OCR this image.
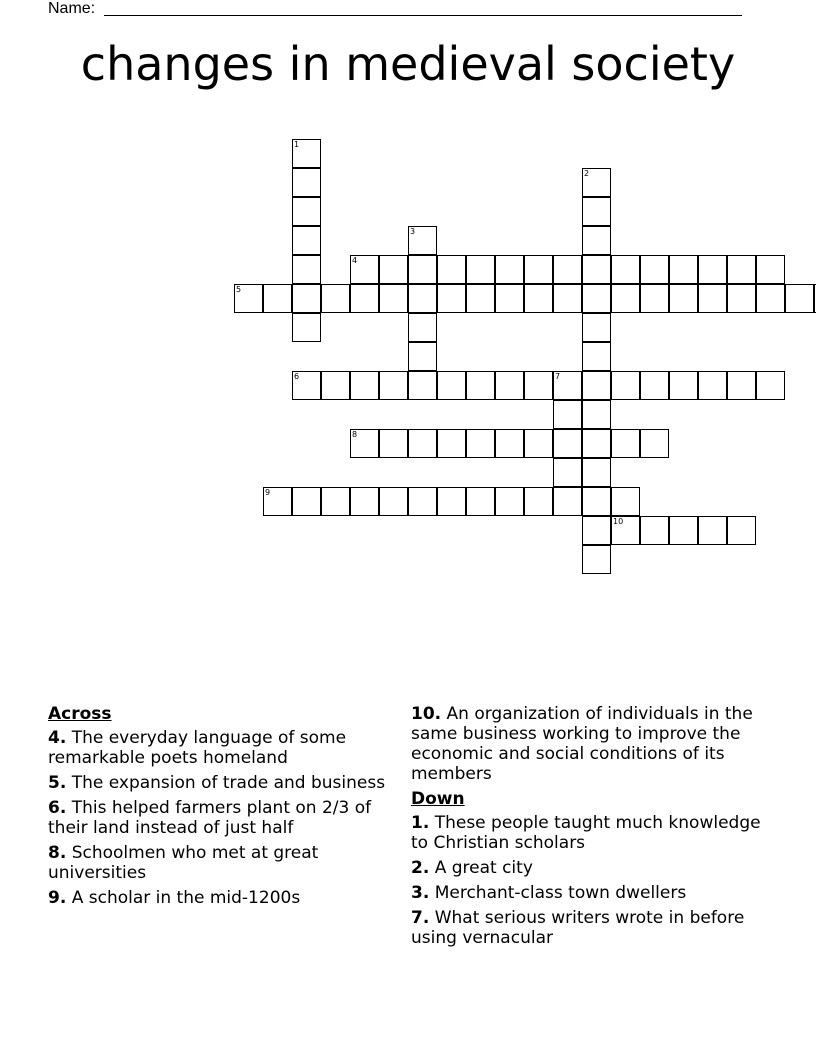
Name:
changes in medieval society
1
2
3
4
5
6	7
8
9
10
Across
4. The everyday language of some remarkable poets homeland
5. The expansion of trade and business
6. This helped farmers plant on 2/3 of their land instead of just half
8. Schoolmen who met at great universities
9. A scholar in the mid-1200s
10. An organization of individuals in the same business working to improve the economic and social conditions of its members
Down
1. These people taught much knowledge to Christian scholars
2. A great city
3. Merchant-class town dwellers
7. What serious writers wrote in before using vernacular
